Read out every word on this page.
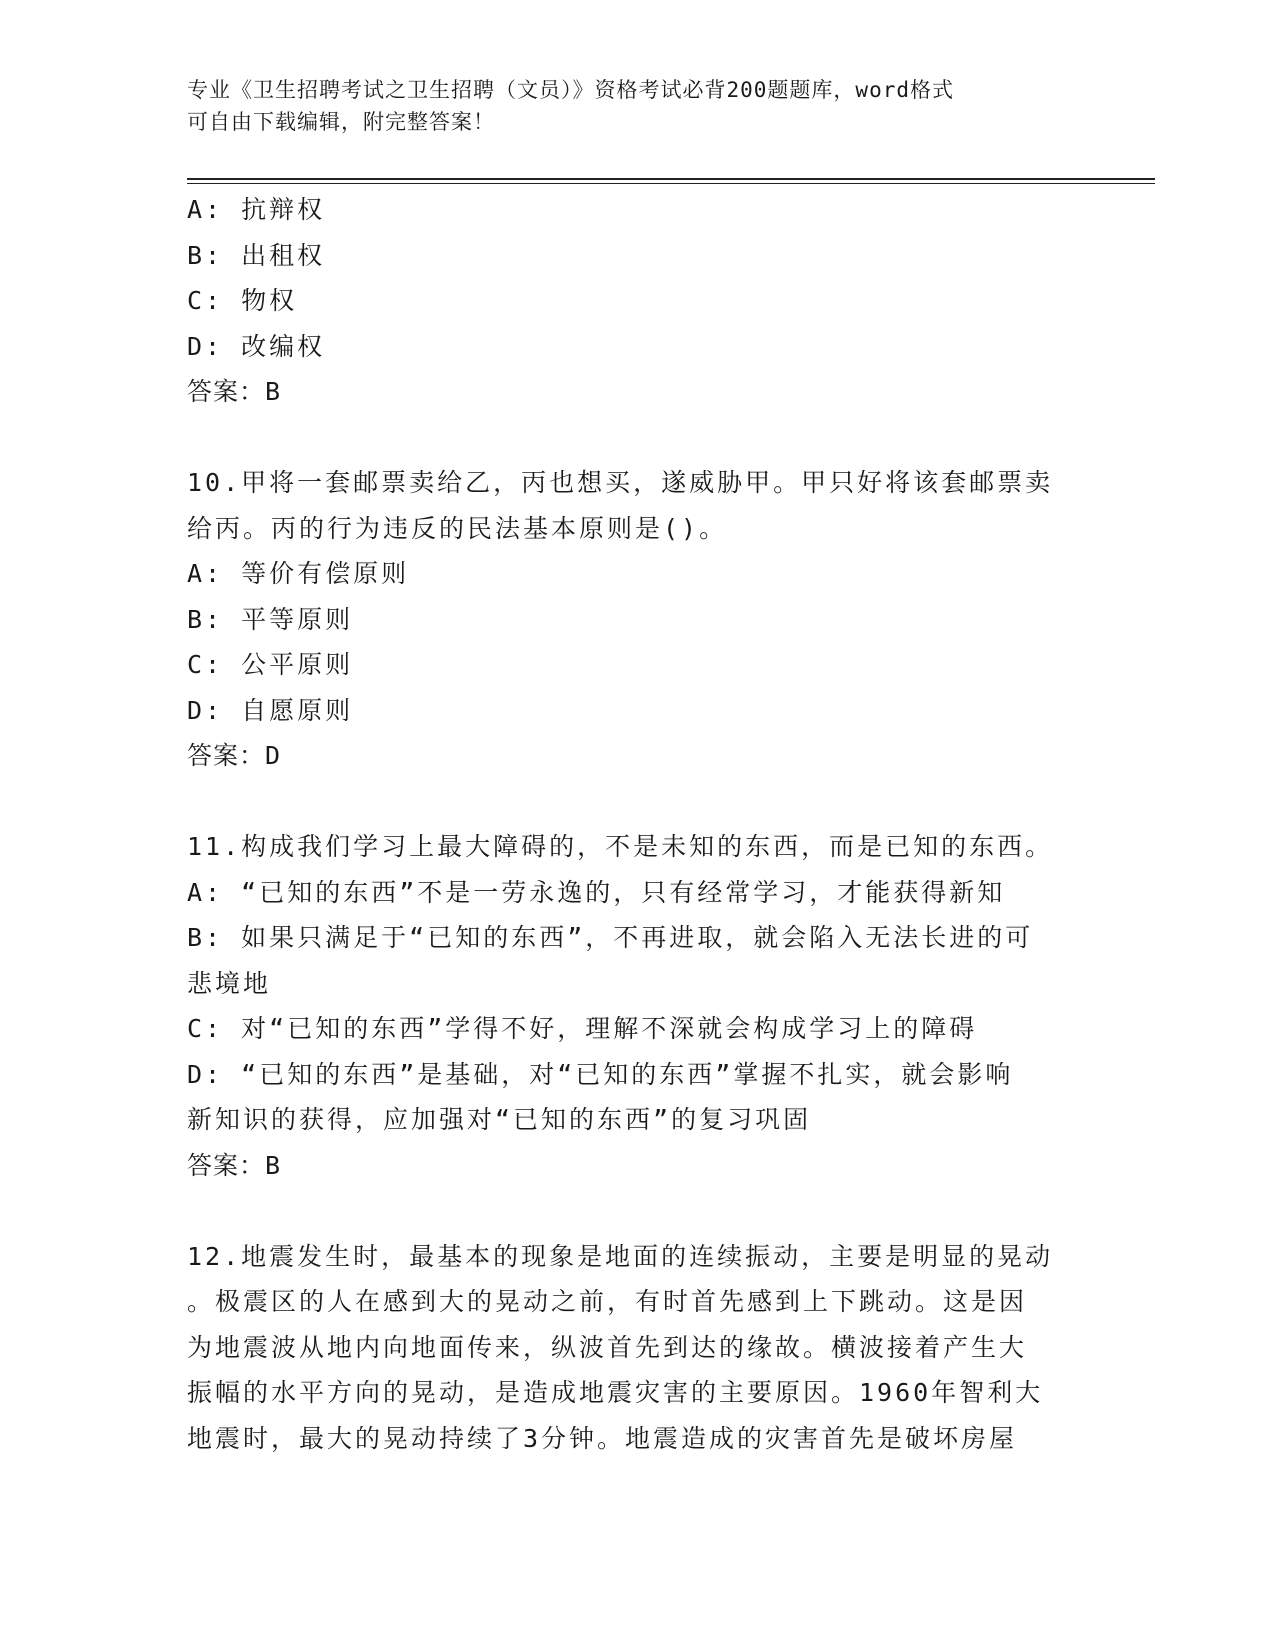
专业《卫生招聘考试之卫生招聘（文员）》资格考试必背200题题库，word格式
可自由下载编辑，附完整答案！
A: 抗辩权
B: 出租权
C: 物权
D: 改编权
答案：B
10.甲将一套邮票卖给乙，丙也想买，遂威胁甲。甲只好将该套邮票卖
给丙。丙的行为违反的民法基本原则是()。
A: 等价有偿原则
B: 平等原则
C: 公平原则
D: 自愿原则
答案：D
11.构成我们学习上最大障碍的，不是未知的东西，而是已知的东西。
A: “已知的东西”不是一劳永逸的，只有经常学习，才能获得新知
B: 如果只满足于“已知的东西”，不再进取，就会陷入无法长进的可
悲境地
C: 对“已知的东西”学得不好，理解不深就会构成学习上的障碍
D: “已知的东西”是基础，对“已知的东西”掌握不扎实，就会影响
新知识的获得，应加强对“已知的东西”的复习巩固
答案：B
12.地震发生时，最基本的现象是地面的连续振动，主要是明显的晃动
。极震区的人在感到大的晃动之前，有时首先感到上下跳动。这是因
为地震波从地内向地面传来，纵波首先到达的缘故。横波接着产生大
振幅的水平方向的晃动，是造成地震灾害的主要原因。1960年智利大
地震时，最大的晃动持续了3分钟。地震造成的灾害首先是破坏房屋
